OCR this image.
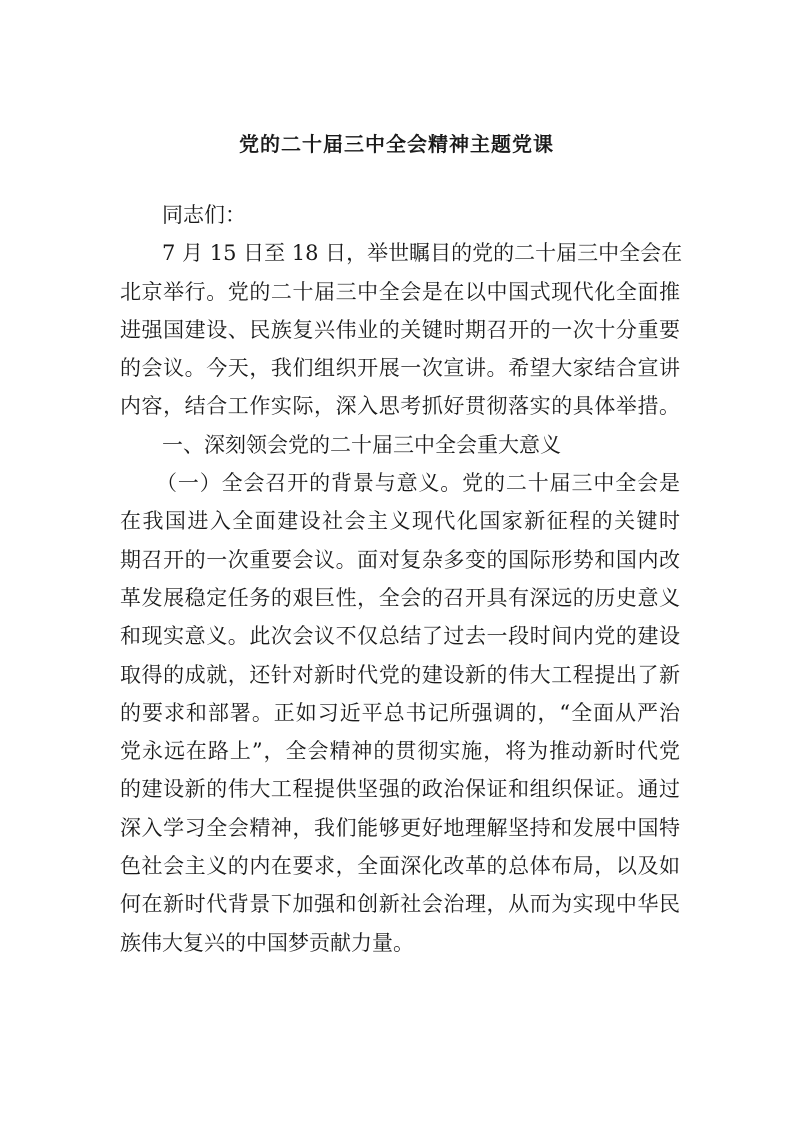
党的二十届三中全会精神主题党课
同志们：
7 月 15 日至 18 日，举世瞩目的党的二十届三中全会在
北京举行。党的二十届三中全会是在以中国式现代化全面推
进强国建设、民族复兴伟业的关键时期召开的一次十分重要
的会议。今天，我们组织开展一次宣讲。希望大家结合宣讲
内容，结合工作实际，深入思考抓好贯彻落实的具体举措。
一、深刻领会党的二十届三中全会重大意义
（一）全会召开的背景与意义。党的二十届三中全会是
在我国进入全面建设社会主义现代化国家新征程的关键时
期召开的一次重要会议。面对复杂多变的国际形势和国内改
革发展稳定任务的艰巨性，全会的召开具有深远的历史意义
和现实意义。此次会议不仅总结了过去一段时间内党的建设
取得的成就，还针对新时代党的建设新的伟大工程提出了新
的要求和部署。正如习近平总书记所强调的，“全面从严治
党永远在路上”，全会精神的贯彻实施，将为推动新时代党
的建设新的伟大工程提供坚强的政治保证和组织保证。通过
深入学习全会精神，我们能够更好地理解坚持和发展中国特
色社会主义的内在要求，全面深化改革的总体布局，以及如
何在新时代背景下加强和创新社会治理，从而为实现中华民
族伟大复兴的中国梦贡献力量。
